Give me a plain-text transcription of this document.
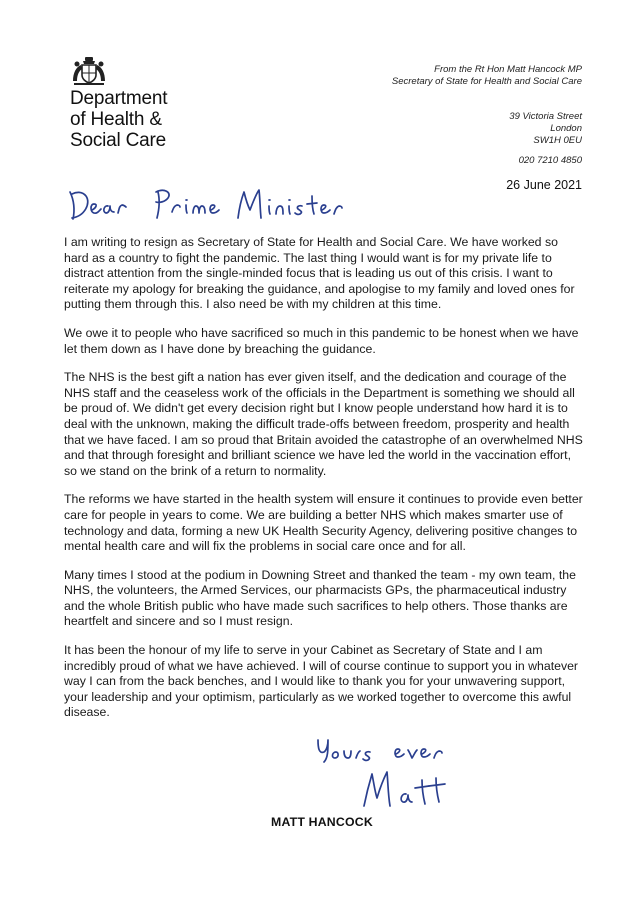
Department
of Health &
Social Care
From the Rt Hon Matt Hancock MP
Secretary of State for Health and Social Care
39 Victoria Street
London
SW1H 0EU
020 7210 4850
26 June 2021

I am writing to resign as Secretary of State for Health and Social Care. We have worked so hard as a country to fight the pandemic. The last thing I would want is for my private life to distract attention from the single-minded focus that is leading us out of this crisis. I want to reiterate my apology for breaking the guidance, and apologise to my family and loved ones for putting them through this. I also need be with my children at this time.

We owe it to people who have sacrificed so much in this pandemic to be honest when we have let them down as I have done by breaching the guidance.

The NHS is the best gift a nation has ever given itself, and the dedication and courage of the NHS staff and the ceaseless work of the officials in the Department is something we should all be proud of. We didn't get every decision right but I know people understand how hard it is to deal with the unknown, making the difficult trade-offs between freedom, prosperity and health that we have faced. I am so proud that Britain avoided the catastrophe of an overwhelmed NHS and that through foresight and brilliant science we have led the world in the vaccination effort, so we stand on the brink of a return to normality.

The reforms we have started in the health system will ensure it continues to provide even better care for people in years to come. We are building a better NHS which makes smarter use of technology and data, forming a new UK Health Security Agency, delivering positive changes to mental health care and will fix the problems in social care once and for all.

Many times I stood at the podium in Downing Street and thanked the team - my own team, the NHS, the volunteers, the Armed Services, our pharmacists GPs, the pharmaceutical industry and the whole British public who have made such sacrifices to help others. Those thanks are heartfelt and sincere and so I must resign.

It has been the honour of my life to serve in your Cabinet as Secretary of State and I am incredibly proud of what we have achieved. I will of course continue to support you in whatever way I can from the back benches, and I would like to thank you for your unwavering support, your leadership and your optimism, particularly as we worked together to overcome this awful disease.

MATT HANCOCK
